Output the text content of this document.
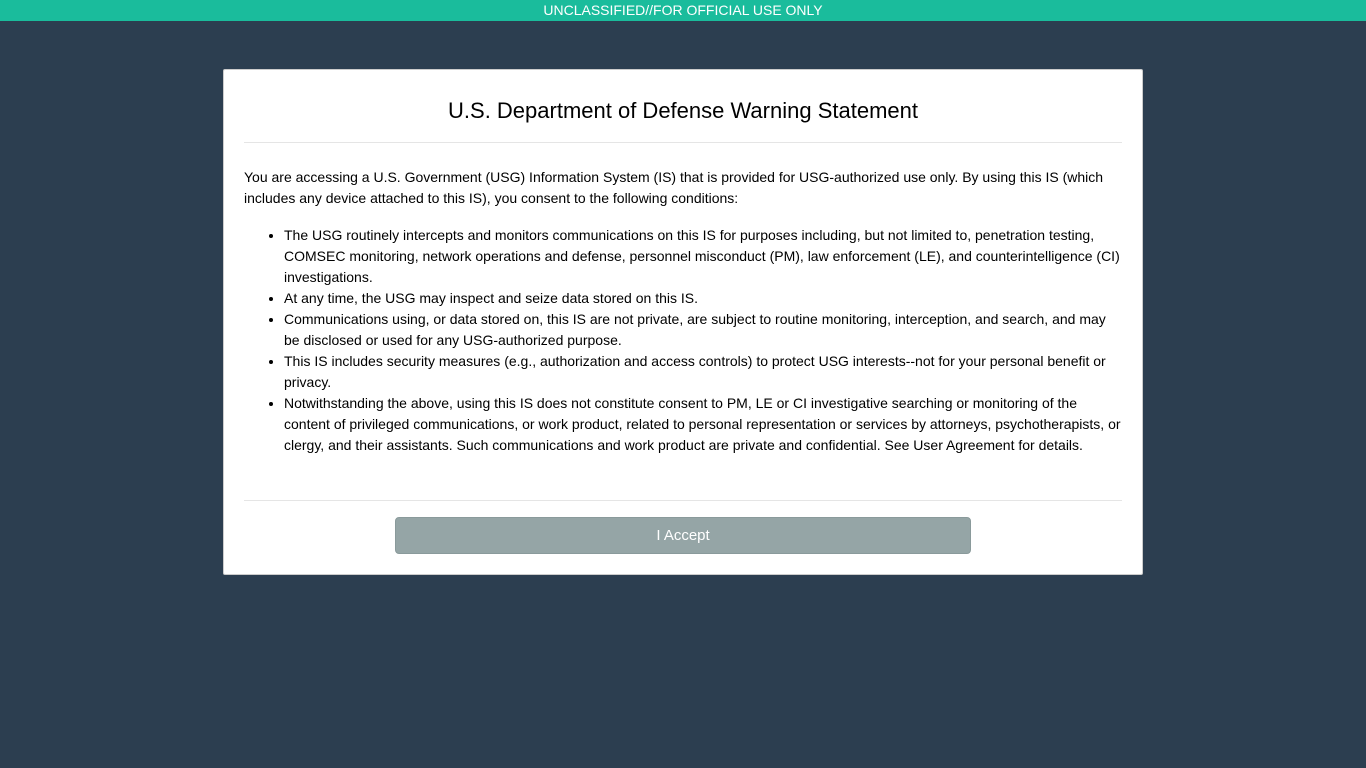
UNCLASSIFIED//FOR OFFICIAL USE ONLY
U.S. Department of Defense Warning Statement

You are accessing a U.S. Government (USG) Information System (IS) that is provided for USG-authorized use only. By using this IS (which includes any device attached to this IS), you consent to the following conditions:

• The USG routinely intercepts and monitors communications on this IS for purposes including, but not limited to, penetration testing, COMSEC monitoring, network operations and defense, personnel misconduct (PM), law enforcement (LE), and counterintelligence (CI) investigations.
• At any time, the USG may inspect and seize data stored on this IS.
• Communications using, or data stored on, this IS are not private, are subject to routine monitoring, interception, and search, and may be disclosed or used for any USG-authorized purpose.
• This IS includes security measures (e.g., authorization and access controls) to protect USG interests--not for your personal benefit or privacy.
• Notwithstanding the above, using this IS does not constitute consent to PM, LE or CI investigative searching or monitoring of the content of privileged communications, or work product, related to personal representation or services by attorneys, psychotherapists, or clergy, and their assistants. Such communications and work product are private and confidential. See User Agreement for details.
I Accept
